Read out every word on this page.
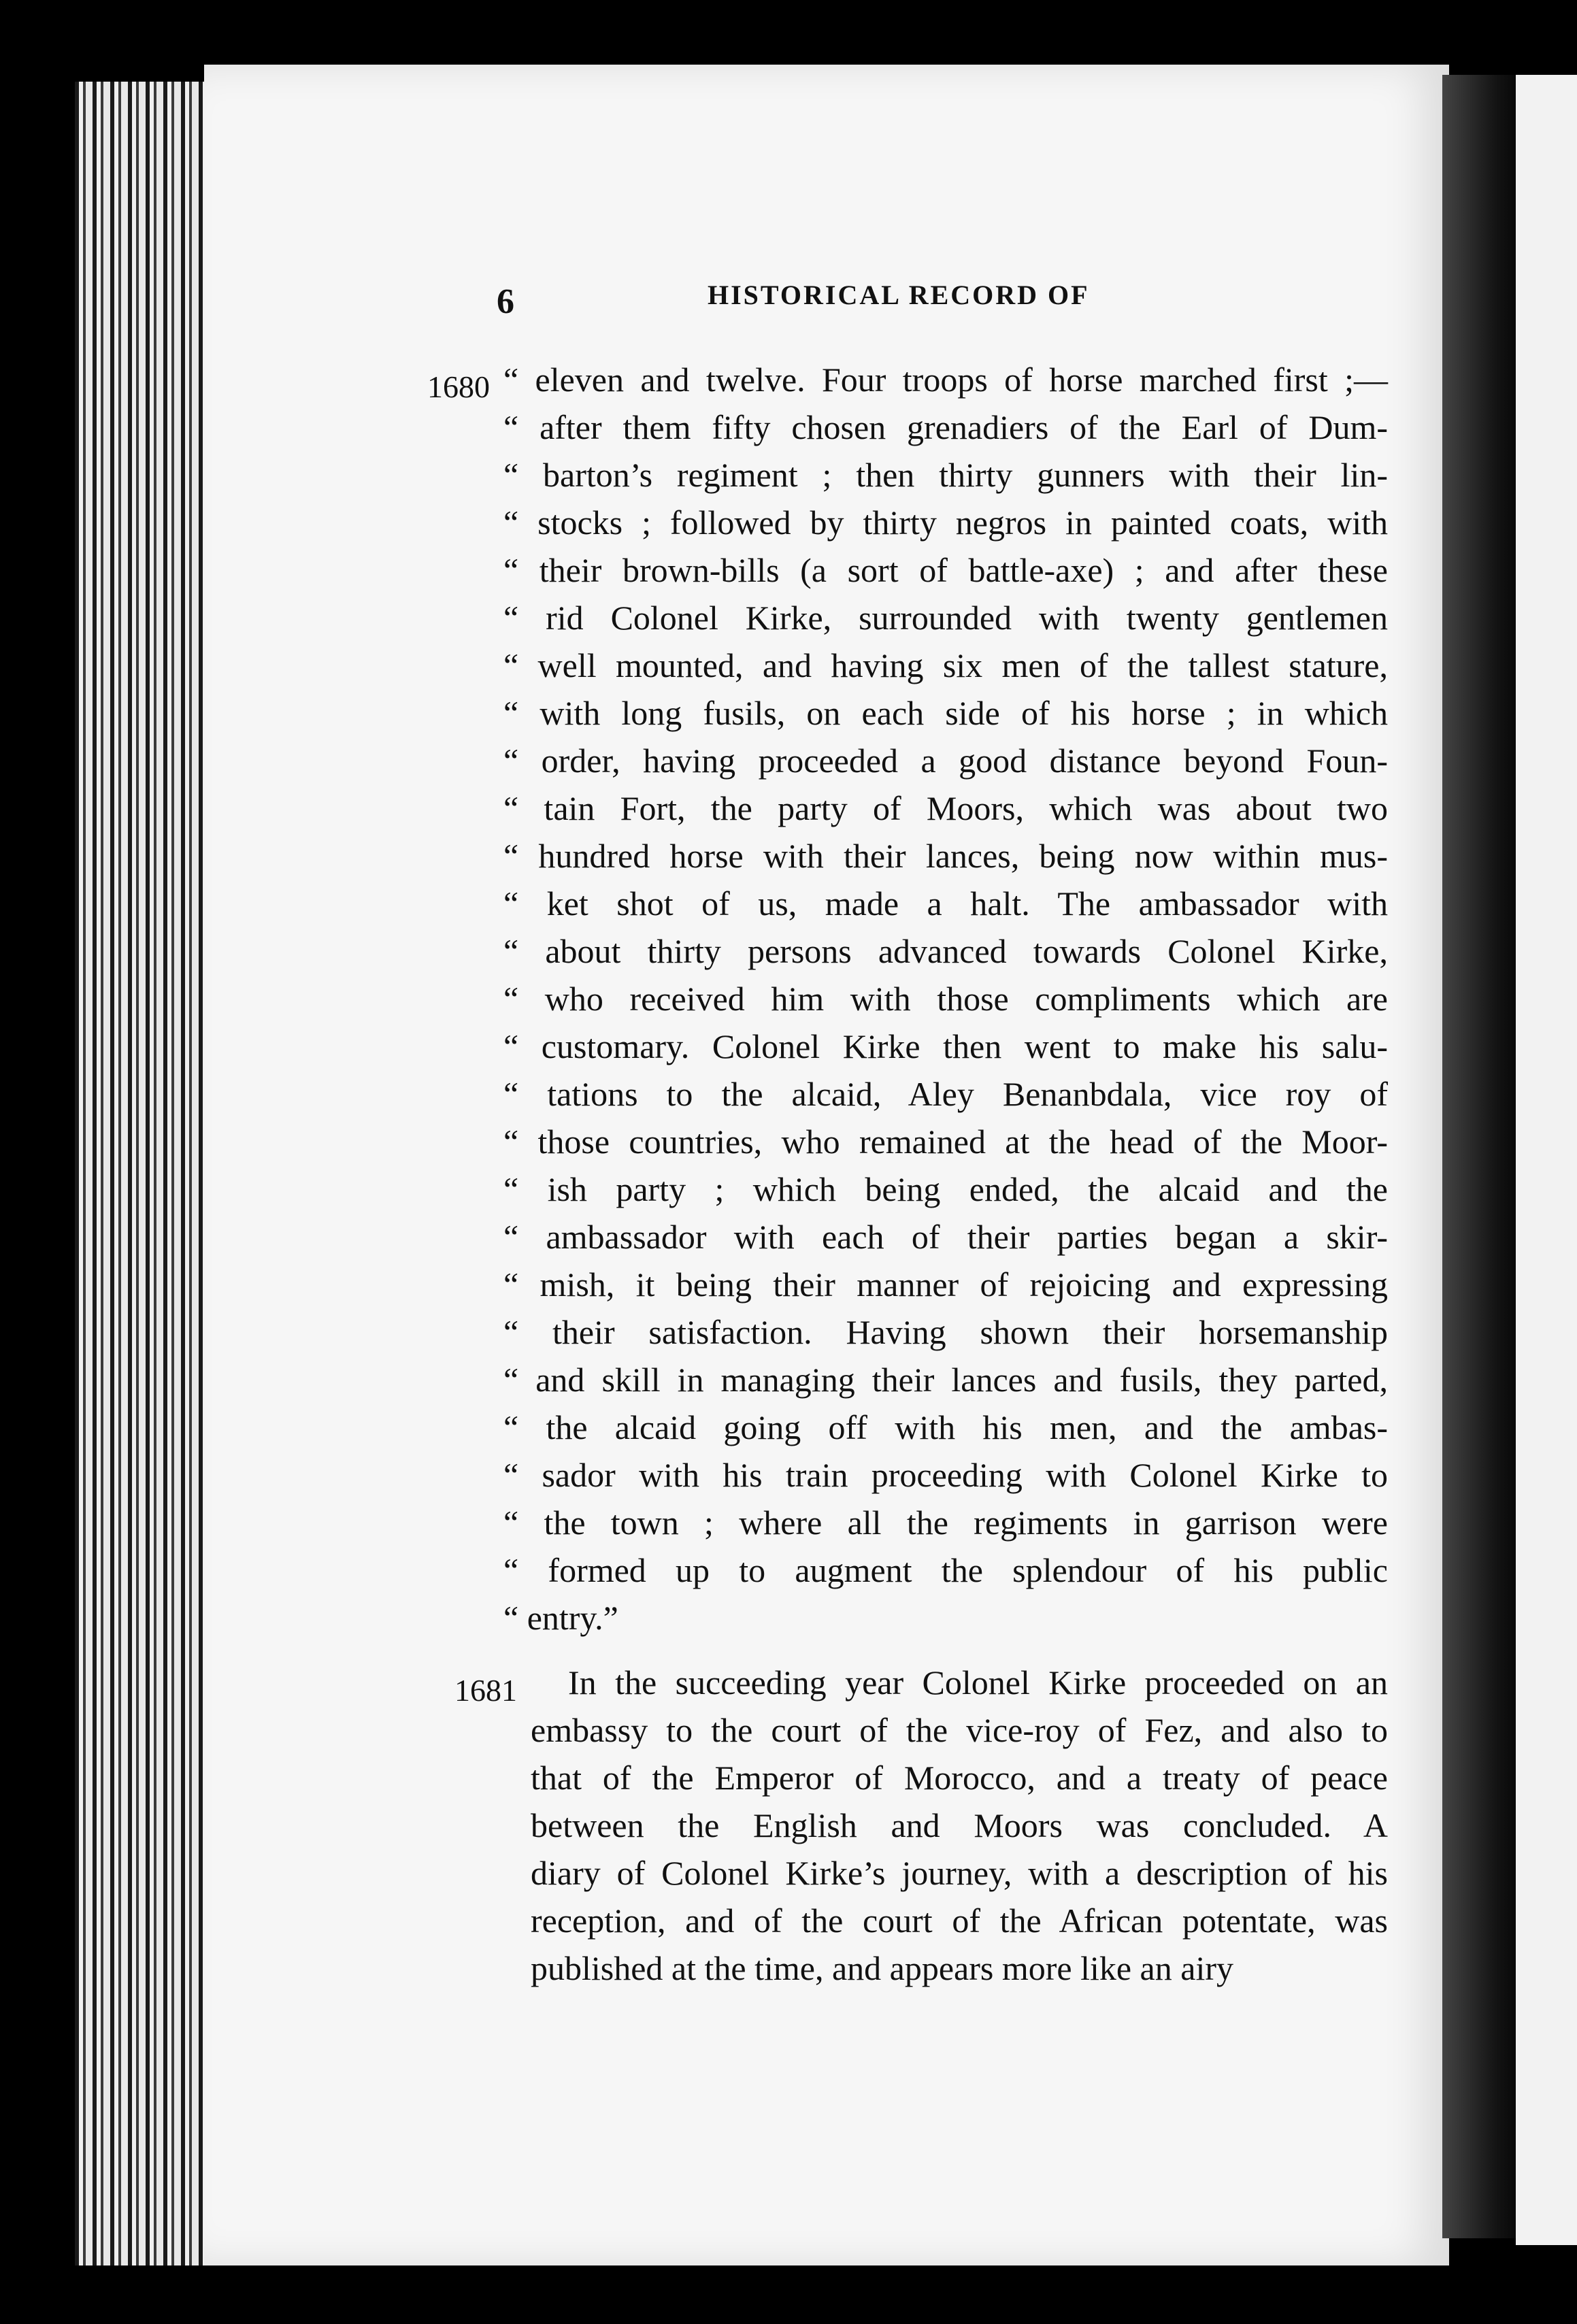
6	HISTORICAL RECORD OF
1680
1681
“ eleven and twelve. Four troops of horse marched first ;—
“ after them fifty chosen grenadiers of the Earl of Dum-
“ barton’s regiment ; then thirty gunners with their lin-
“ stocks ; followed by thirty negros in painted coats, with
“ their brown-bills (a sort of battle-axe) ; and after these
“ rid Colonel Kirke, surrounded with twenty gentlemen
“ well mounted, and having six men of the tallest stature,
“ with long fusils, on each side of his horse ; in which
“ order, having proceeded a good distance beyond Foun-
“ tain Fort, the party of Moors, which was about two
“ hundred horse with their lances, being now within mus-
“ ket shot of us, made a halt. The ambassador with
“ about thirty persons advanced towards Colonel Kirke,
“ who received him with those compliments which are
“ customary. Colonel Kirke then went to make his salu-
“ tations to the alcaid, Aley Benanbdala, vice roy of
“ those countries, who remained at the head of the Moor-
“ ish party ; which being ended, the alcaid and the
“ ambassador with each of their parties began a skir-
“ mish, it being their manner of rejoicing and expressing
“ their satisfaction. Having shown their horsemanship
“ and skill in managing their lances and fusils, they parted,
“ the alcaid going off with his men, and the ambas-
“ sador with his train proceeding with Colonel Kirke to
“ the town ; where all the regiments in garrison were
“ formed up to augment the splendour of his public
“ entry.”
In the succeeding year Colonel Kirke proceeded on an
embassy to the court of the vice-roy of Fez, and also to
that of the Emperor of Morocco, and a treaty of peace
between the English and Moors was concluded. A
diary of Colonel Kirke’s journey, with a description of his
reception, and of the court of the African potentate, was
published at the time, and appears more like an airy
